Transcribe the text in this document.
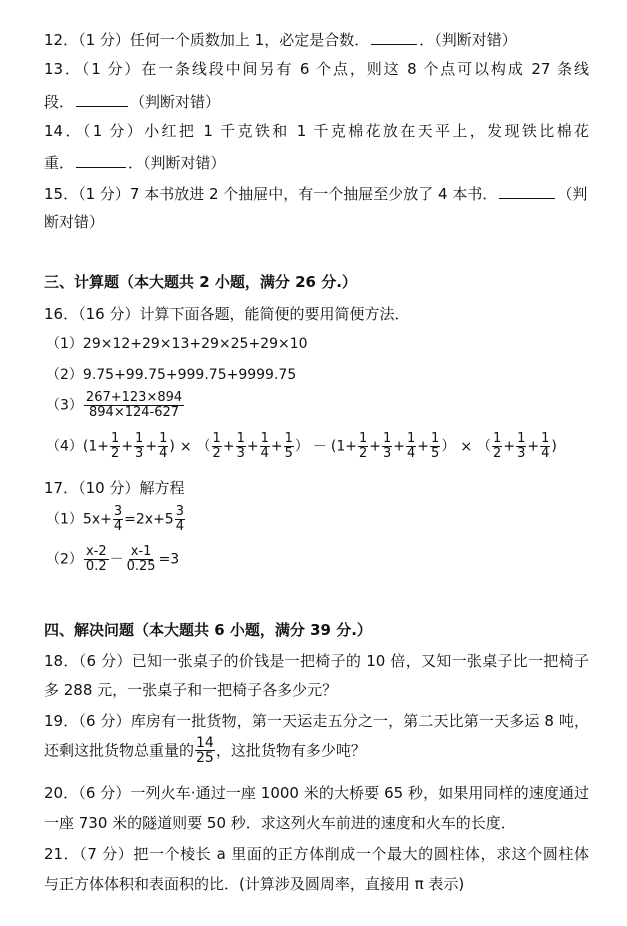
12．（1 分）任何一个质数加上 1，必定是合数．	．（判断对错）
13．（1 分）在一条线段中间另有 6 个点，则这 8 个点可以构成 27 条线
段．	（判断对错）
14．（1 分）小红把 1 千克铁和 1 千克棉花放在天平上，发现铁比棉花
重．	．（判断对错）
15．（1 分）7 本书放进 2 个抽屉中，有一个抽屉至少放了 4 本书．	（判
断对错）
三、计算题（本大题共 2 小题，满分 26 分.）
16．（16 分）计算下面各题，能简便的要用简便方法．
（1）29×12+29×13+29×25+29×10
（2）9.75+99.75+999.75+9999.75
$(3) \frac{267+123\times 894}{894\times 124-627}$
$(4)(1+ \frac{1}{2} + \frac{1}{3} + \frac{1}{4}$ ) × （ $\frac{1}{2} + \frac{1}{3} + \frac{1}{4} + \frac{1}{5}$ ） － ($1+ \frac{1}{2} + \frac{1}{3} + \frac{1}{4} + \frac{1}{5}$ ） × （ $\frac{1}{2} + \frac{1}{3} + \frac{1}{4}$ )
17．（10 分）解方程
$(1)5x+ \frac{3}{4} =2x+5 \frac{3}{4}$
$(2) \frac{x-2}{0.2} - \frac{x-1}{0.25} =3$
四、解决问题（本大题共 6 小题，满分 39 分.）
18．（6 分）已知一张桌子的价钱是一把椅子的 10 倍，又知一张桌子比一把椅子
多 288 元，一张桌子和一把椅子各多少元？
19．（6 分）库房有一批货物，第一天运走五分之一，第二天比第一天多运 8 吨，
还剩这批货物总重量的 $\frac{14}{25}$ ，这批货物有多少吨？
20．（6 分）一列火车·通过一座 1000 米的大桥要 65 秒，如果用同样的速度通过
一座 730 米的隧道则要 50 秒．求这列火车前进的速度和火车的长度．
21．（7 分）把一个棱长 a 里面的正方体削成一个最大的圆柱体，求这个圆柱体
与正方体体积和表面积的比．(计算涉及圆周率，直接用 π 表示)
